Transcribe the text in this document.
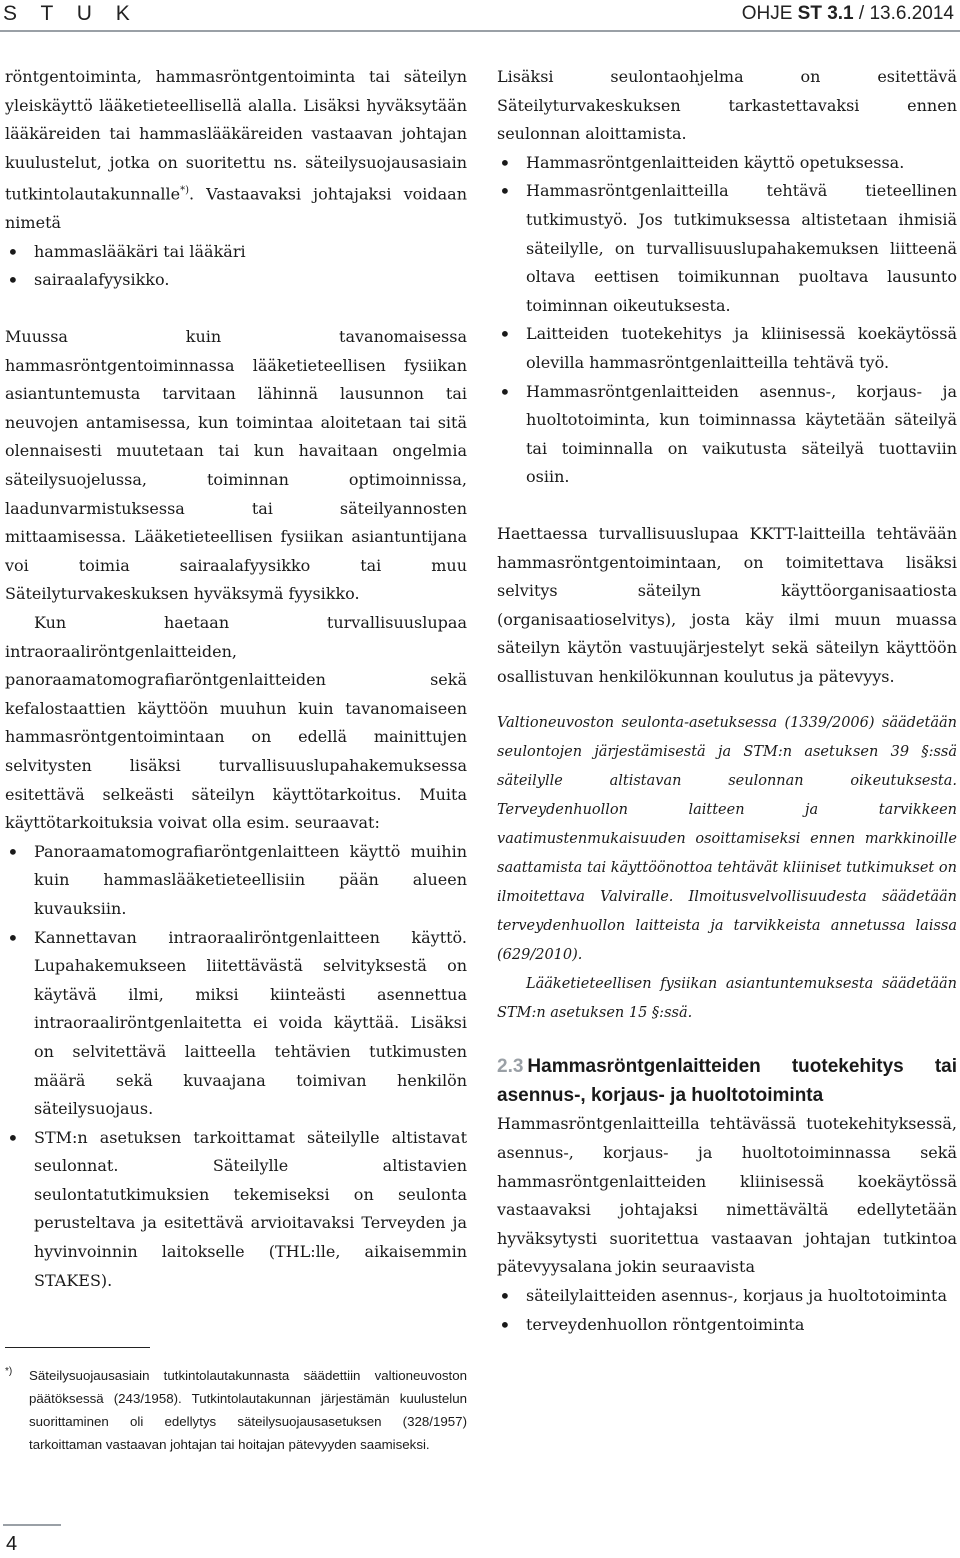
S T U K	OHJE ST 3.1 / 13.6.2014

röntgentoiminta, hammasröntgentoiminta tai säteilyn yleiskäyttö lääketieteellisellä alalla. Lisäksi hyväksytään lääkäreiden tai hammaslääkäreiden vastaavan johtajan kuulustelut, jotka on suoritettu ns. säteilysuojausasiain tutkintolautakunnalle*). Vastaavaksi johtajaksi voidaan nimetä

• hammaslääkäri tai lääkäri
• sairaalafyysikko.

Muussa kuin tavanomaisessa hammasröntgentoiminnassa lääketieteellisen fysiikan asiantuntemusta tarvitaan lähinnä lausunnon tai neuvojen antamisessa, kun toimintaa aloitetaan tai sitä olennaisesti muutetaan tai kun havaitaan ongelmia säteilysuojelussa, toiminnan optimoinnissa, laadunvarmistuksessa tai säteilyannosten mittaamisessa. Lääketieteellisen fysiikan asiantuntijana voi toimia sairaalafyysikko tai muu Säteilyturvakeskuksen hyväksymä fyysikko.

Kun haetaan turvallisuuslupaa intraoraaliröntgenlaitteiden, panoraamatomografiaröntgenlaitteiden sekä kefalostaattien käyttöön muuhun kuin tavanomaiseen hammasröntgentoimintaan on edellä mainittujen selvitysten lisäksi turvallisuuslupahakemuksessa esitettävä selkeästi säteilyn käyttötarkoitus. Muita käyttötarkoituksia voivat olla esim. seuraavat:

• Panoraamatomografiaröntgenlaitteen käyttö muihin kuin hammaslääketieteellisiin pään alueen kuvauksiin.
• Kannettavan intraoraaliröntgenlaitteen käyttö. Lupahakemukseen liitettävästä selvityksestä on käytävä ilmi, miksi kiinteästi asennettua intraoraaliröntgenlaitetta ei voida käyttää. Lisäksi on selvitettävä laitteella tehtävien tutkimusten määrä sekä kuvaajana toimivan henkilön säteilysuojaus.
• STM:n asetuksen tarkoittamat säteilylle altistavat seulonnat. Säteilylle altistavien seulontatutkimuksien tekemiseksi on seulonta perusteltava ja esitettävä arvioitavaksi Terveyden ja hyvinvoinnin laitokselle (THL:lle, aikaisemmin STAKES).
*)	Säteilysuojausasiain tutkintolautakunnasta säädettiin valtioneuvoston päätöksessä (243/1958). Tutkintolautakunnan järjestämän kuulustelun suorittaminen oli edellytys säteilysuojausasetuksen (328/1957) tarkoittaman vastaavan johtajan tai hoitajan pätevyyden saamiseksi.

Lisäksi seulontaohjelma on esitettävä Säteilyturvakeskuksen tarkastettavaksi ennen seulonnan aloittamista.

• Hammasröntgenlaitteiden käyttö opetuksessa.
• Hammasröntgenlaitteilla tehtävä tieteellinen tutkimustyö. Jos tutkimuksessa altistetaan ihmisiä säteilylle, on turvallisuuslupahakemuksen liitteenä oltava eettisen toimikunnan puoltava lausunto toiminnan oikeutuksesta.
• Laitteiden tuotekehitys ja kliinisessä koekäytössä olevilla hammasröntgenlaitteilla tehtävä työ.
• Hammasröntgenlaitteiden asennus-, korjaus- ja huoltotoiminta, kun toiminnassa käytetään säteilyä tai toiminnalla on vaikutusta säteilyä tuottaviin osiin.

Haettaessa turvallisuuslupaa KKTT-laitteilla tehtävään hammasröntgentoimintaan, on toimitettava lisäksi selvitys säteilyn käyttöorganisaatiosta (organisaatioselvitys), josta käy ilmi muun muassa säteilyn käytön vastuujärjestelyt sekä säteilyn käyttöön osallistuvan henkilökunnan koulutus ja pätevyys.

Valtioneuvoston seulonta-asetuksessa (1339/2006) säädetään seulontojen järjestämisestä ja STM:n asetuksen 39 §:ssä säteilylle altistavan seulonnan oikeutuksesta. Terveydenhuollon laitteen ja tarvikkeen vaatimustenmukaisuuden osoittamiseksi ennen markkinoille saattamista tai käyttöönottoa tehtävät kliiniset tutkimukset on ilmoitettava Valviralle. Ilmoitusvelvollisuudesta säädetään terveydenhuollon laitteista ja tarvikkeista annetussa laissa (629/2010).

Lääketieteellisen fysiikan asiantuntemuksesta säädetään STM:n asetuksen 15 §:ssä.

2.3 Hammasröntgenlaitteiden tuotekehitys tai asennus-, korjaus- ja huoltotoiminta

Hammasröntgenlaitteilla tehtävässä tuotekehityksessä, asennus-, korjaus- ja huoltotoiminnassa sekä hammasröntgenlaitteiden kliinisessä koekäytössä vastaavaksi johtajaksi nimettävältä edellytetään hyväksytysti suoritettua vastaavan johtajan tutkintoa pätevyysalana jokin seuraavista

• säteilylaitteiden asennus-, korjaus ja huoltotoiminta
• terveydenhuollon röntgentoiminta
4
